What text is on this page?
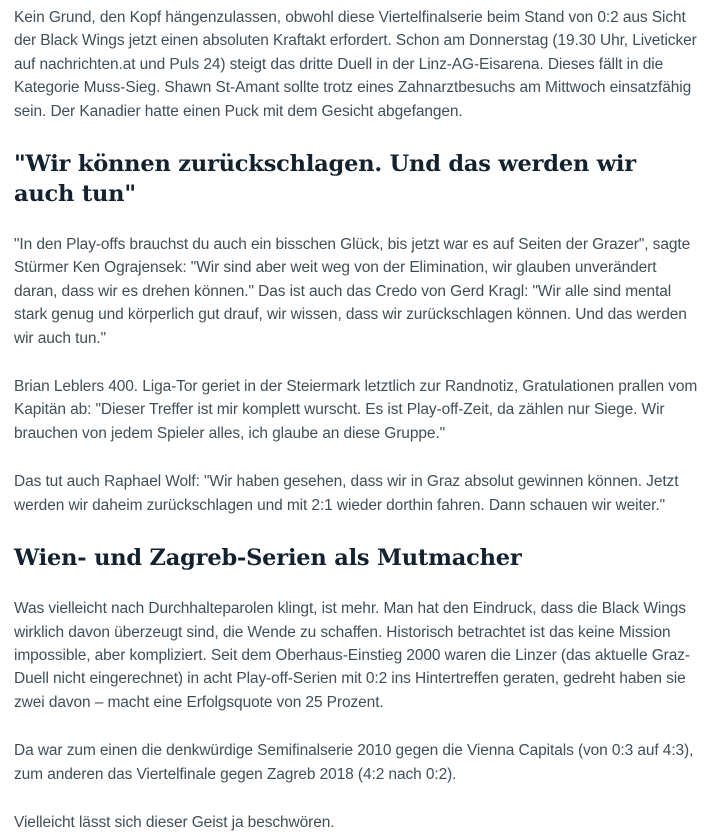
Kein Grund, den Kopf hängenzulassen, obwohl diese Viertelfinalserie beim Stand von 0:2 aus Sicht der Black Wings jetzt einen absoluten Kraftakt erfordert. Schon am Donnerstag (19.30 Uhr, Liveticker auf nachrichten.at und Puls 24) steigt das dritte Duell in der Linz-AG-Eisarena. Dieses fällt in die Kategorie Muss-Sieg. Shawn St-Amant sollte trotz eines Zahnarztbesuchs am Mittwoch einsatzfähig sein. Der Kanadier hatte einen Puck mit dem Gesicht abgefangen.

"Wir können zurückschlagen. Und das werden wir auch tun"

"In den Play-offs brauchst du auch ein bisschen Glück, bis jetzt war es auf Seiten der Grazer", sagte Stürmer Ken Ograjensek: "Wir sind aber weit weg von der Elimination, wir glauben unverändert daran, dass wir es drehen können." Das ist auch das Credo von Gerd Kragl: "Wir alle sind mental stark genug und körperlich gut drauf, wir wissen, dass wir zurückschlagen können. Und das werden wir auch tun."

Brian Leblers 400. Liga-Tor geriet in der Steiermark letztlich zur Randnotiz, Gratulationen prallen vom Kapitän ab: "Dieser Treffer ist mir komplett wurscht. Es ist Play-off-Zeit, da zählen nur Siege. Wir brauchen von jedem Spieler alles, ich glaube an diese Gruppe."

Das tut auch Raphael Wolf: "Wir haben gesehen, dass wir in Graz absolut gewinnen können. Jetzt werden wir daheim zurückschlagen und mit 2:1 wieder dorthin fahren. Dann schauen wir weiter."

Wien- und Zagreb-Serien als Mutmacher

Was vielleicht nach Durchhalteparolen klingt, ist mehr. Man hat den Eindruck, dass die Black Wings wirklich davon überzeugt sind, die Wende zu schaffen. Historisch betrachtet ist das keine Mission impossible, aber kompliziert. Seit dem Oberhaus-Einstieg 2000 waren die Linzer (das aktuelle Graz-Duell nicht eingerechnet) in acht Play-off-Serien mit 0:2 ins Hintertreffen geraten, gedreht haben sie zwei davon – macht eine Erfolgsquote von 25 Prozent.

Da war zum einen die denkwürdige Semifinalserie 2010 gegen die Vienna Capitals (von 0:3 auf 4:3), zum anderen das Viertelfinale gegen Zagreb 2018 (4:2 nach 0:2).

Vielleicht lässt sich dieser Geist ja beschwören.
